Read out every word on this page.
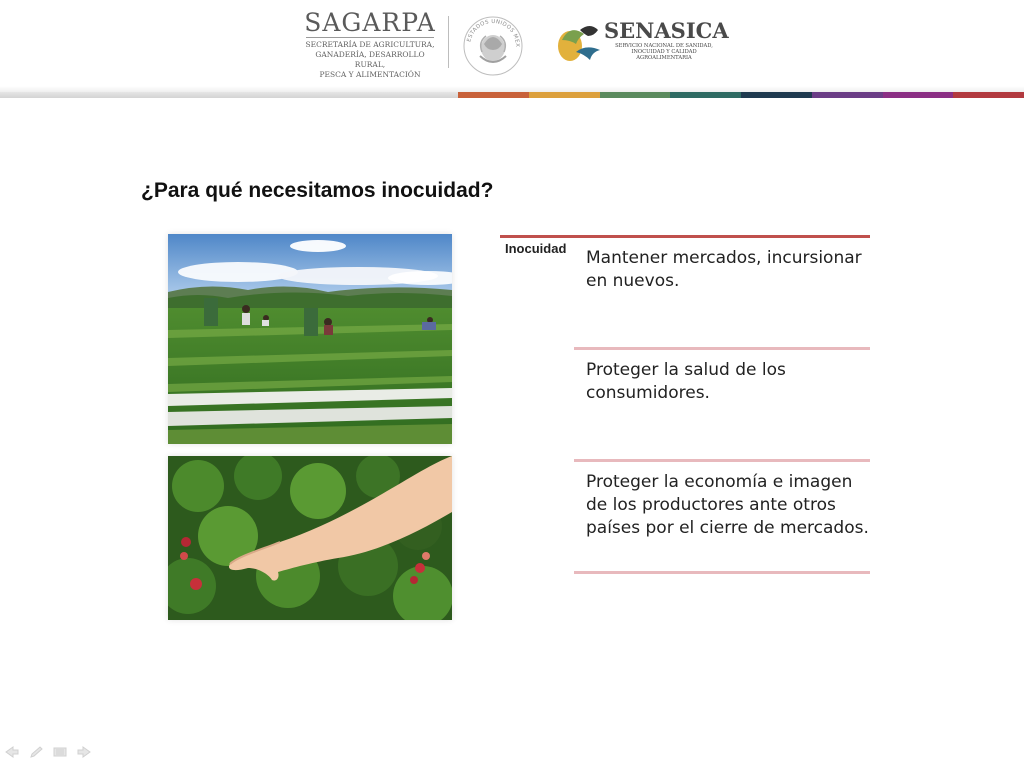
SAGARPA
SECRETARÍA DE AGRICULTURA,
GANADERÍA, DESARROLLO RURAL,
PESCA Y ALIMENTACIÓN
ESTADOS UNIDOS MEX
SENASICA
SERVICIO NACIONAL DE SANIDAD,
INOCUIDAD Y CALIDAD
AGROALIMENTARIA
¿Para qué necesitamos inocuidad?
Inocuidad Mantener mercados, incursionar en nuevos.
Proteger la salud de los consumidores.
Proteger la economía e imagen de los productores ante otros países por el cierre de mercados.
